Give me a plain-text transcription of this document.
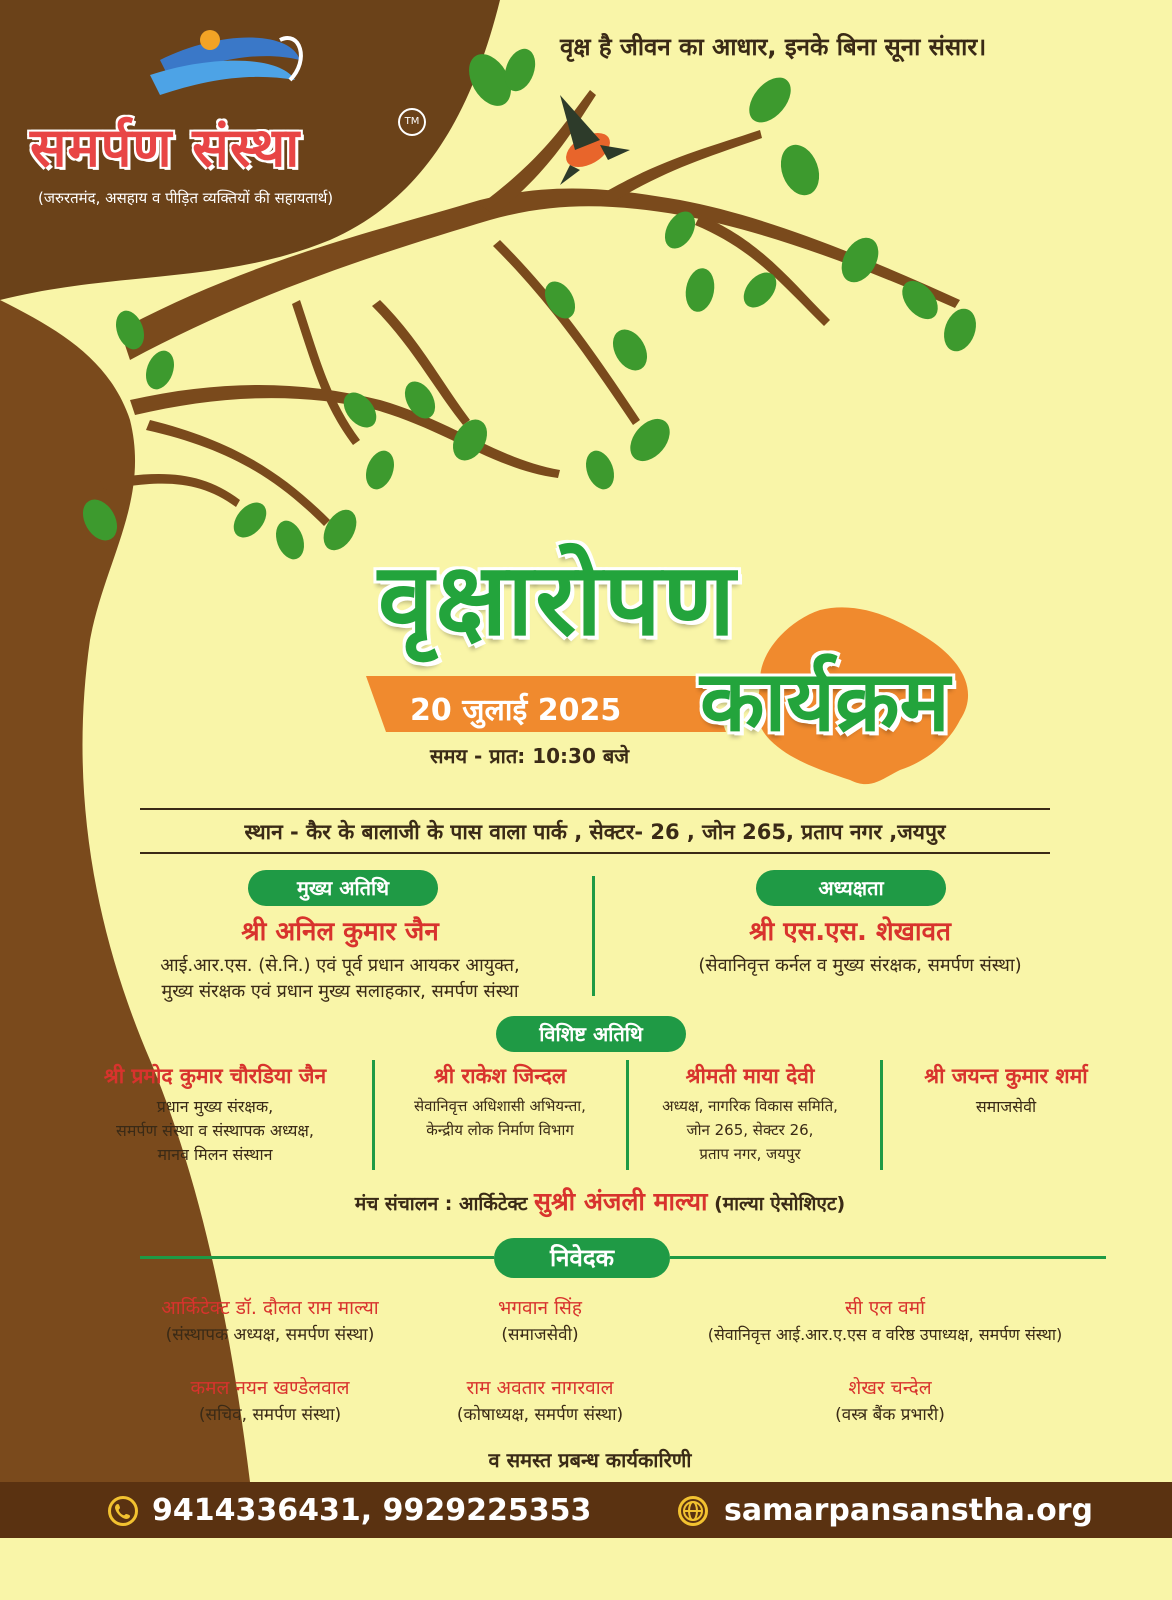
समर्पण संस्था	TM
(जरुरतमंद, असहाय व पीड़ित व्यक्तियों की सहायतार्थ)
वृक्ष है जीवन का आधार, इनके बिना सूना संसार।
वृक्षारोपण
20 जुलाई 2025 कार्यक्रम
समय - प्रात: 10:30 बजे
स्थान - कैर के बालाजी के पास वाला पार्क , सेक्टर- 26 , जोन 265, प्रताप नगर ,जयपुर
मुख्य अतिथि
श्री अनिल कुमार जैन
आई.आर.एस. (से.नि.) एवं पूर्व प्रधान आयकर आयुक्त,
मुख्य संरक्षक एवं प्रधान मुख्य सलाहकार, समर्पण संस्था
अध्यक्षता
श्री एस.एस. शेखावत
(सेवानिवृत्त कर्नल व मुख्य संरक्षक, समर्पण संस्था)
विशिष्ट अतिथि
श्री प्रमोद कुमार चौरडिया जैन
प्रधान मुख्य संरक्षक,
समर्पण संस्था व संस्थापक अध्यक्ष,
मानव मिलन संस्थान
श्री राकेश जिन्दल
सेवानिवृत्त अधिशासी अभियन्ता,
केन्द्रीय लोक निर्माण विभाग
श्रीमती माया देवी
अध्यक्ष, नागरिक विकास समिति,
जोन 265, सेक्टर 26,
प्रताप नगर, जयपुर
श्री जयन्त कुमार शर्मा
समाजसेवी
मंच संचालन : आर्किटेक्ट सुश्री अंजली माल्या (माल्या ऐसोशिएट)
निवेदक
आर्किटेक्ट डॉ. दौलत राम माल्या
(संस्थापक अध्यक्ष, समर्पण संस्था)
भगवान सिंह
(समाजसेवी)
सी एल वर्मा
(सेवानिवृत्त आई.आर.ए.एस व वरिष्ठ उपाध्यक्ष, समर्पण संस्था)
कमल नयन खण्डेलवाल
(सचिव, समर्पण संस्था)
राम अवतार नागरवाल
(कोषाध्यक्ष, समर्पण संस्था)
शेखर चन्देल
(वस्त्र बैंक प्रभारी)
व समस्त प्रबन्ध कार्यकारिणी
9414336431, 9929225353	samarpansanstha.org
